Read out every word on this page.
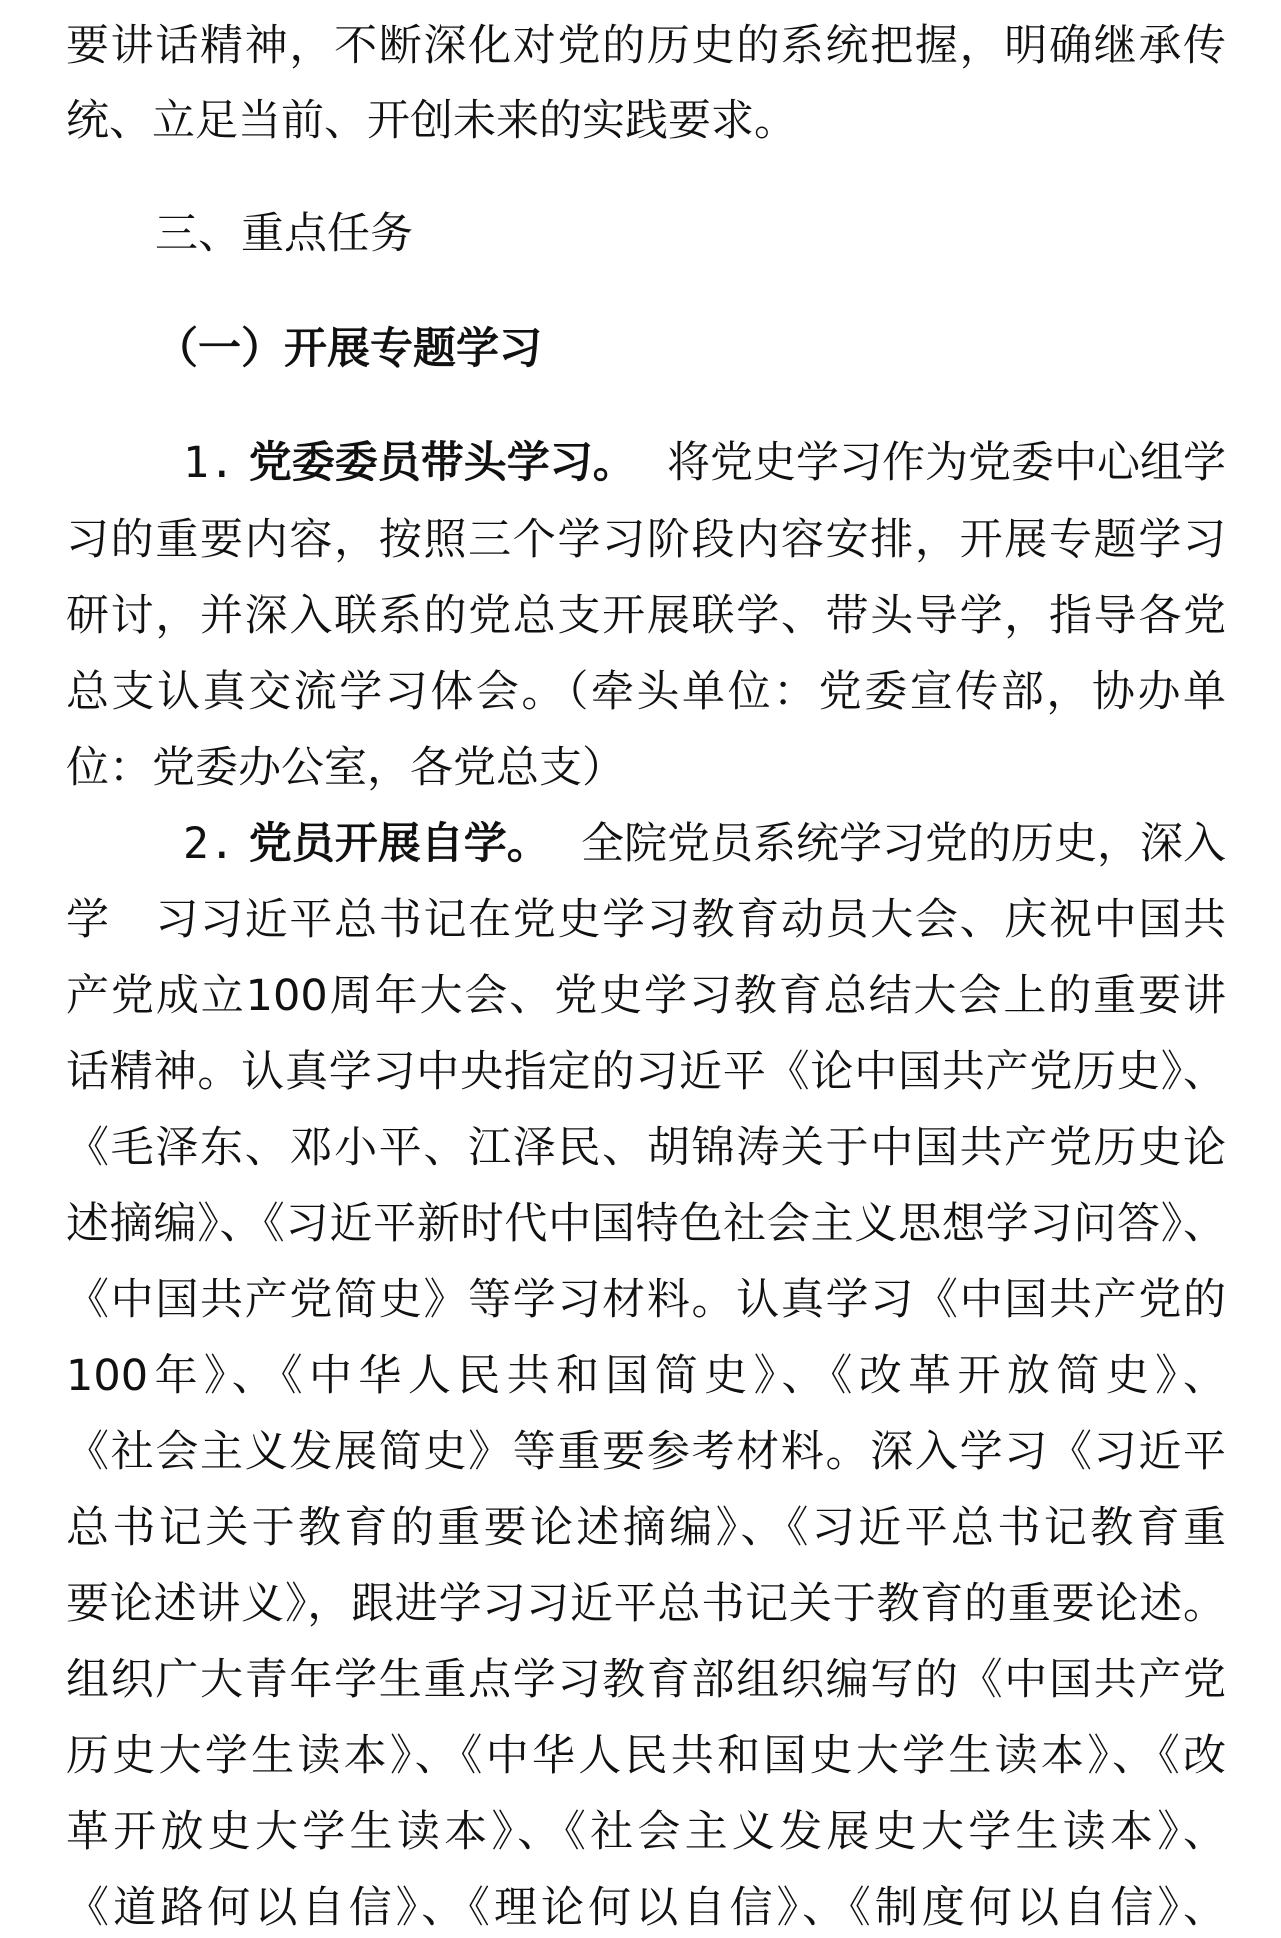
要讲话精神，不断深化对党的历史的系统把握，明确继承传
统、立足当前、开创未来的实践要求。
三、重点任务
（一）开展专题学习
1. 党委委员带头学习。 将党史学习作为党委中心组学
习的重要内容，按照三个学习阶段内容安排，开展专题学习
研讨，并深入联系的党总支开展联学、带头导学，指导各党
总支认真交流学习体会。（牵头单位：党委宣传部，协办单
位：党委办公室，各党总支）
2. 党员开展自学。 全院党员系统学习党的历史，深入
学　习习近平总书记在党史学习教育动员大会、庆祝中国共
产党成立100周年大会、党史学习教育总结大会上的重要讲
话精神。认真学习中央指定的习近平《论中国共产党历史》、
《毛泽东、邓小平、江泽民、胡锦涛关于中国共产党历史论
述摘编》、《习近平新时代中国特色社会主义思想学习问答》、
《中国共产党简史》等学习材料。认真学习《中国共产党的
100年》、《中华人民共和国简史》、《改革开放简史》、
《社会主义发展简史》等重要参考材料。深入学习《习近平
总书记关于教育的重要论述摘编》、《习近平总书记教育重
要论述讲义》，跟进学习习近平总书记关于教育的重要论述。
组织广大青年学生重点学习教育部组织编写的《中国共产党
历史大学生读本》、《中华人民共和国史大学生读本》、《改
革开放史大学生读本》、《社会主义发展史大学生读本》、
《道路何以自信》、《理论何以自信》、《制度何以自信》、
